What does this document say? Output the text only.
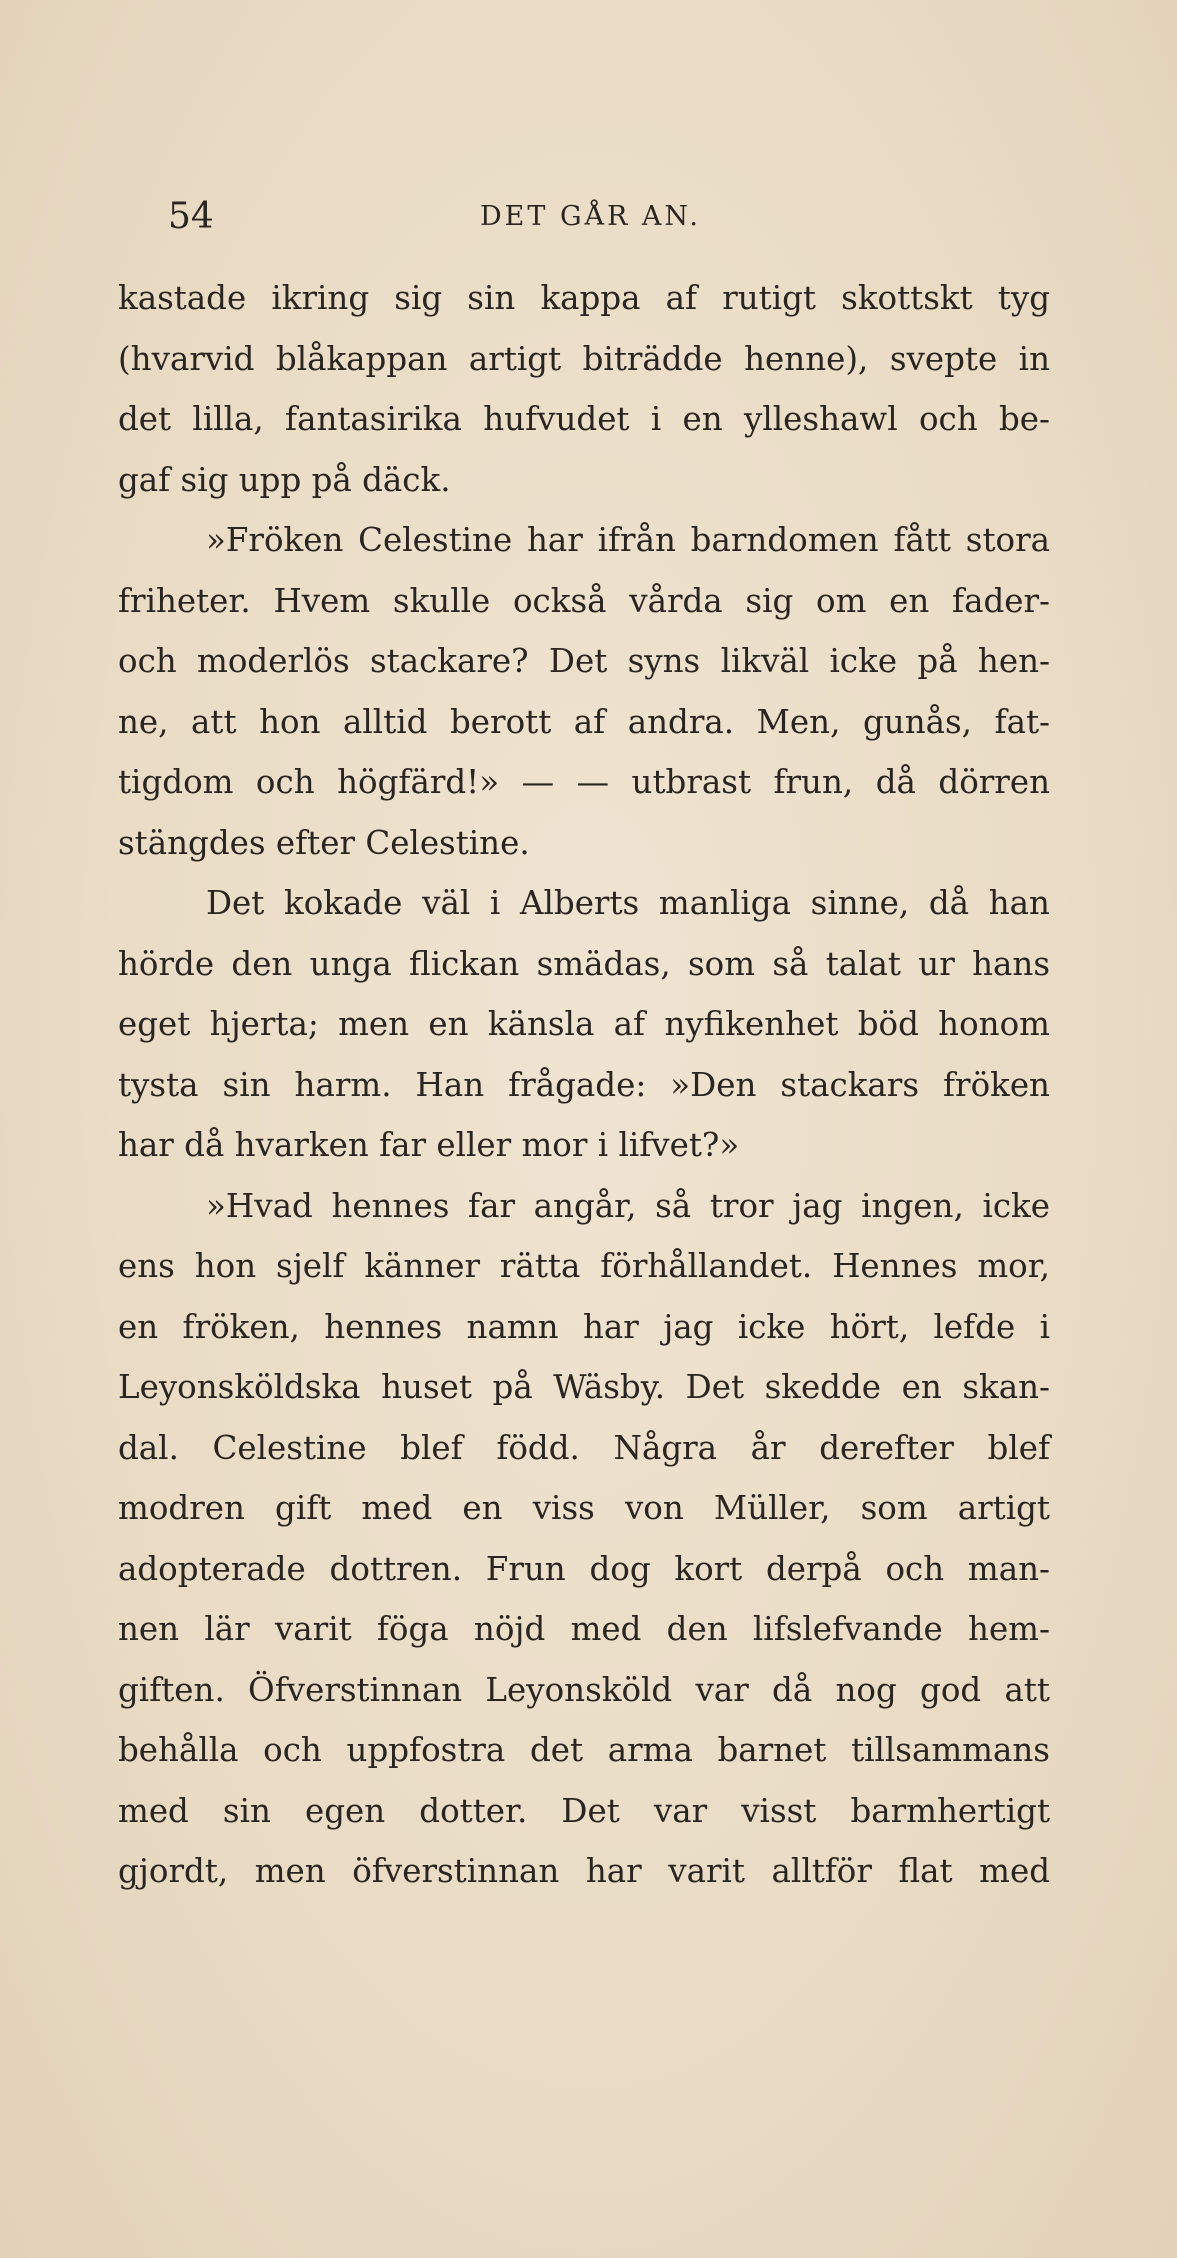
54	DET GÅR AN.
kastade ikring sig sin kappa af rutigt skottskt tyg
(hvarvid blåkappan artigt biträdde henne), svepte in
det lilla, fantasirika hufvudet i en ylleshawl och be-
gaf sig upp på däck.
»Fröken Celestine har ifrån barndomen fått stora
friheter. Hvem skulle också vårda sig om en fader-
och moderlös stackare? Det syns likväl icke på hen-
ne, att hon alltid berott af andra. Men, gunås, fat-
tigdom och högfärd!» — — utbrast frun, då dörren
stängdes efter Celestine.
Det kokade väl i Alberts manliga sinne, då han
hörde den unga flickan smädas, som så talat ur hans
eget hjerta; men en känsla af nyfikenhet böd honom
tysta sin harm. Han frågade: »Den stackars fröken
har då hvarken far eller mor i lifvet?»
»Hvad hennes far angår, så tror jag ingen, icke
ens hon sjelf känner rätta förhållandet. Hennes mor,
en fröken, hennes namn har jag icke hört, lefde i
Leyonsköldska huset på Wäsby. Det skedde en skan-
dal. Celestine blef född. Några år derefter blef
modren gift med en viss von Müller, som artigt
adopterade dottren. Frun dog kort derpå och man-
nen lär varit föga nöjd med den lifslefvande hem-
giften. Öfverstinnan Leyonsköld var då nog god att
behålla och uppfostra det arma barnet tillsammans
med sin egen dotter. Det var visst barmhertigt
gjordt, men öfverstinnan har varit alltför flat med
